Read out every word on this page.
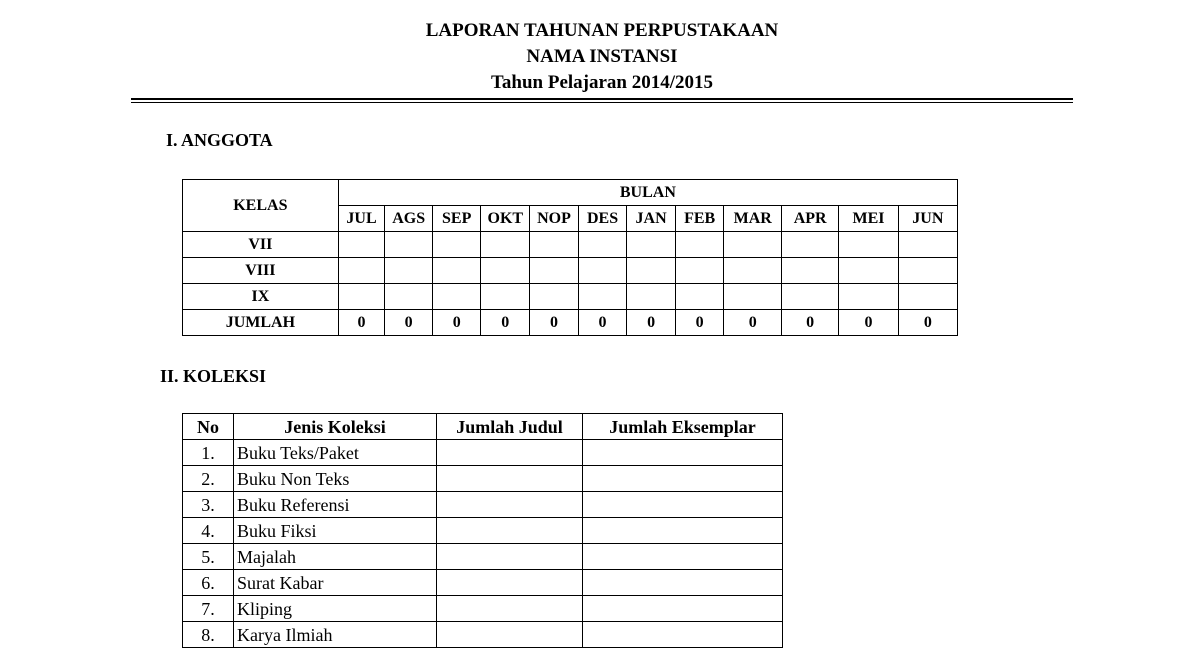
LAPORAN TAHUNAN PERPUSTAKAAN
NAMA INSTANSI
Tahun Pelajaran 2014/2015
I. ANGGOTA
KELAS	BULAN											
	JUL	AGS	SEP	OKT	NOP	DES	JAN	FEB	MAR	APR	MEI	JUN
VII												
VIII												
IX												
JUMLAH	0	0	0	0	0	0	0	0	0	0	0	0
II. KOLEKSI
No	Jenis Koleksi	Jumlah Judul	Jumlah Eksemplar
1.	Buku Teks/Paket		
2.	Buku Non Teks		
3.	Buku Referensi		
4.	Buku Fiksi		
5.	Majalah		
6.	Surat Kabar		
7.	Kliping		
8.	Karya Ilmiah		
